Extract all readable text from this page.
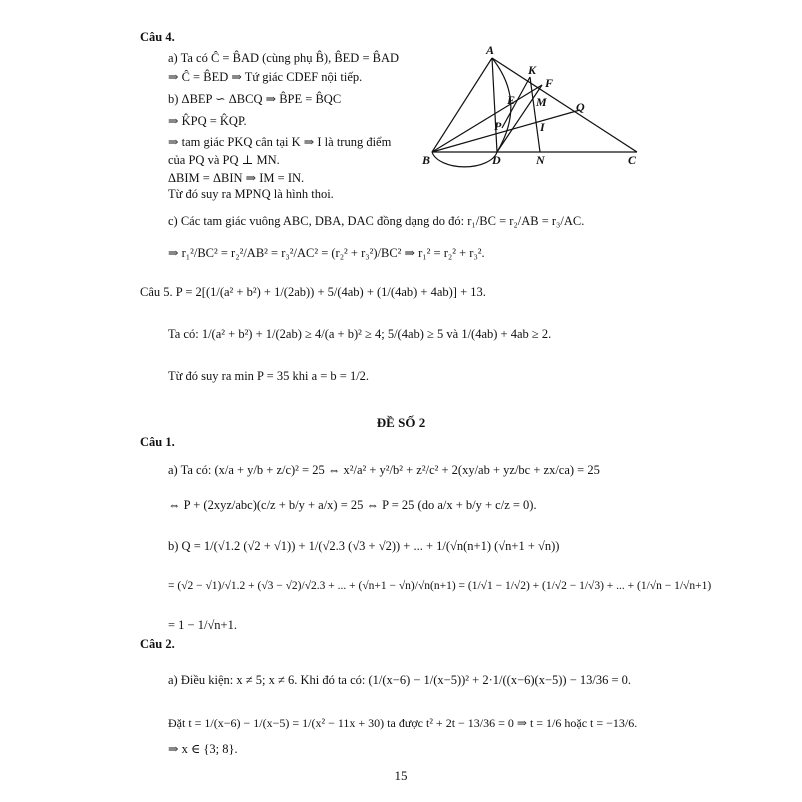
Câu 4.
a) Ta có Ĉ = B̂AD (cùng phụ B̂), B̂ED = B̂AD
⇒ Ĉ = B̂ED ⇒ Tứ giác CDEF nội tiếp.
b) ΔBEP ∽ ΔBCQ ⇒ B̂PE = B̂QC
⇒ K̂PQ = K̂QP.
⇒ tam giác PKQ cân tại K ⇒ I là trung điểm
của PQ và PQ ⊥ MN.
ΔBIM = ΔBIN ⇒ IM = IN.
Từ đó suy ra MPNQ là hình thoi.
c) Các tam giác vuông ABC, DBA, DAC đồng dạng do đó: r₁/BC = r₂/AB = r₃/AC.
⇒ r₁²/BC² = r₂²/AB² = r₃²/AC² = (r₂² + r₃²)/BC² ⇒ r₁² = r₂² + r₃².
Câu 5. P = 2[(1/(a² + b²) + 1/(2ab)) + 5/(4ab) + (1/(4ab) + 4ab)] + 13.
Ta có: 1/(a² + b²) + 1/(2ab) ≥ 4/(a + b)² ≥ 4; 5/(4ab) ≥ 5 và 1/(4ab) + 4ab ≥ 2.
Từ đó suy ra min P = 35 khi a = b = 1/2.
ĐỀ SỐ 2
Câu 1.
a) Ta có: (x/a + y/b + z/c)² = 25 ⇔ x²/a² + y²/b² + z²/c² + 2(xy/ab + yz/bc + zx/ca) = 25
⇔ P + (2xyz/abc)(c/z + b/y + a/x) = 25 ⇔ P = 25 (do a/x + b/y + c/z = 0).
b) Q = 1/(√1.2 (√2 + √1)) + 1/(√2.3 (√3 + √2)) + ... + 1/(√n(n+1) (√n+1 + √n))
= (√2 − √1)/√1.2 + (√3 − √2)/√2.3 + ... + (√n+1 − √n)/√n(n+1) = (1/√1 − 1/√2) + (1/√2 − 1/√3) + ... + (1/√n − 1/√n+1)
= 1 − 1/√n+1.
Câu 2.
a) Điều kiện: x ≠ 5; x ≠ 6. Khi đó ta có: (1/(x−6) − 1/(x−5))² + 2·1/((x−6)(x−5)) − 13/36 = 0.
Đặt t = 1/(x−6) − 1/(x−5) = 1/(x² − 11x + 30) ta được t² + 2t − 13/36 = 0 ⇒ t = 1/6 hoặc t = −13/6.
⇒ x ∈ {3; 8}.
15
A
K
F
E M Q
P	I
B	D	N	C
